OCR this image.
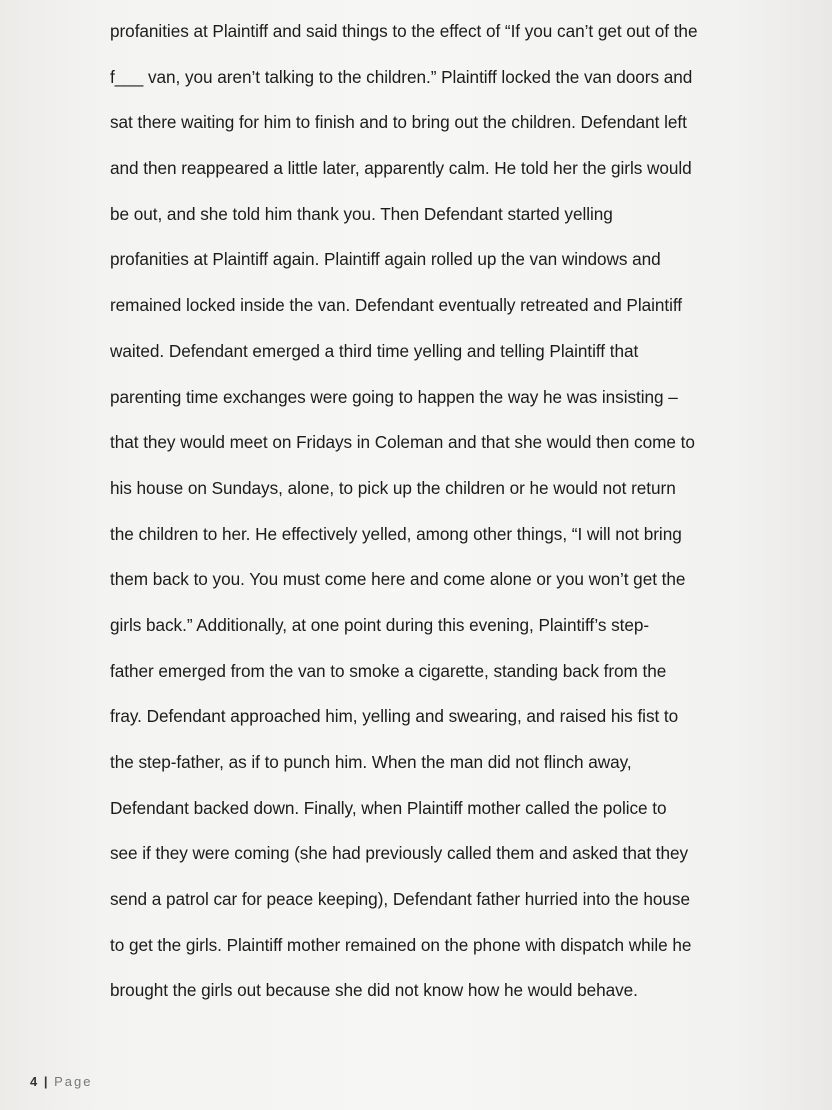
profanities at Plaintiff and said things to the effect of “If you can’t get out of the
f___ van, you aren’t talking to the children.” Plaintiff locked the van doors and
sat there waiting for him to finish and to bring out the children. Defendant left
and then reappeared a little later, apparently calm. He told her the girls would
be out, and she told him thank you. Then Defendant started yelling
profanities at Plaintiff again. Plaintiff again rolled up the van windows and
remained locked inside the van. Defendant eventually retreated and Plaintiff
waited. Defendant emerged a third time yelling and telling Plaintiff that
parenting time exchanges were going to happen the way he was insisting –
that they would meet on Fridays in Coleman and that she would then come to
his house on Sundays, alone, to pick up the children or he would not return
the children to her. He effectively yelled, among other things, “I will not bring
them back to you. You must come here and come alone or you won’t get the
girls back.” Additionally, at one point during this evening, Plaintiff’s step-
father emerged from the van to smoke a cigarette, standing back from the
fray. Defendant approached him, yelling and swearing, and raised his fist to
the step-father, as if to punch him. When the man did not flinch away,
Defendant backed down. Finally, when Plaintiff mother called the police to
see if they were coming (she had previously called them and asked that they
send a patrol car for peace keeping), Defendant father hurried into the house
to get the girls. Plaintiff mother remained on the phone with dispatch while he
brought the girls out because she did not know how he would behave.
4 | Page
